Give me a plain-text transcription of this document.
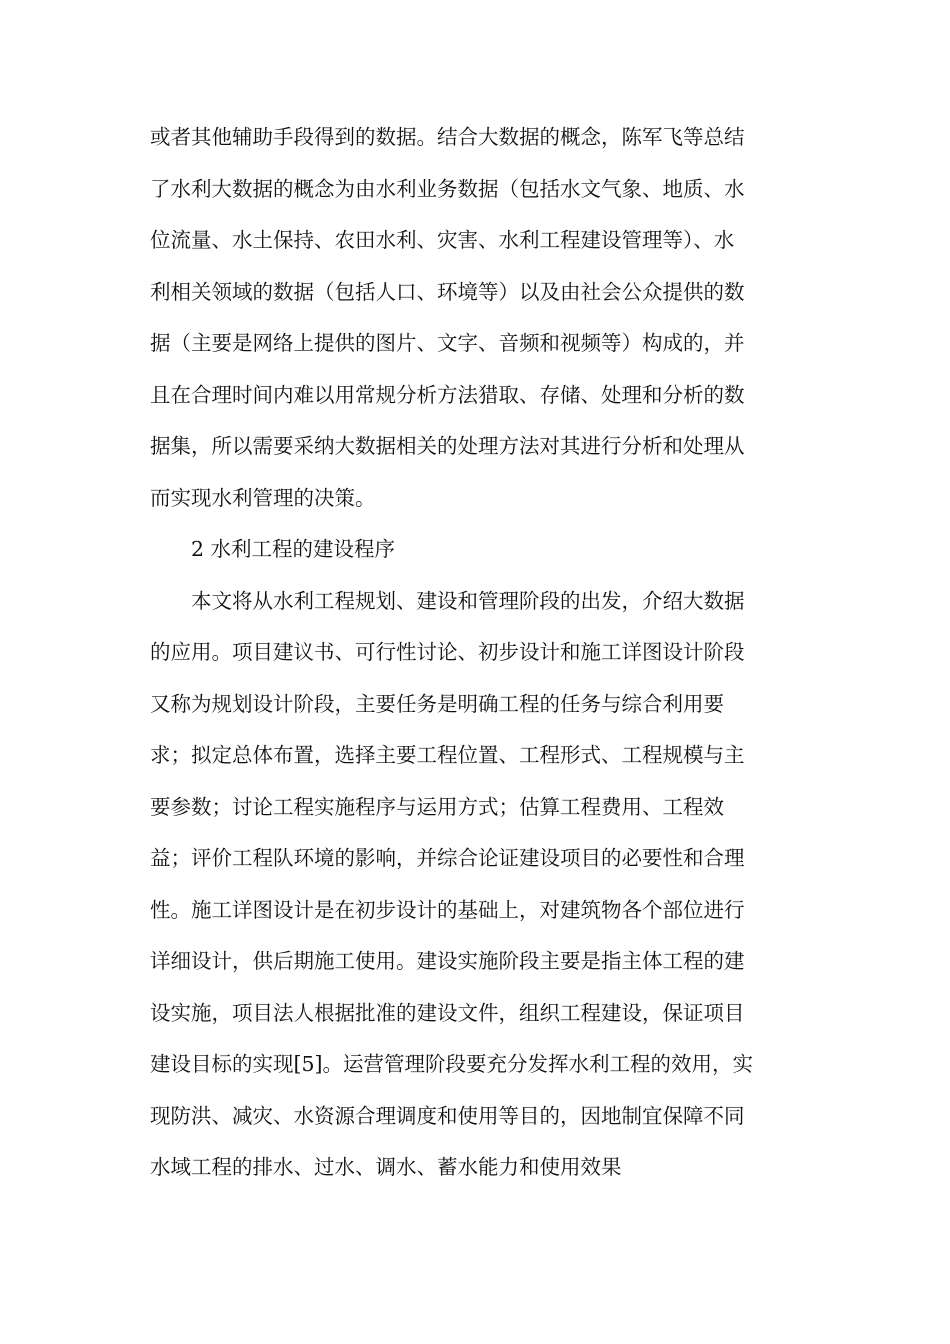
或者其他辅助手段得到的数据。结合大数据的概念，陈军飞等总结
了水利大数据的概念为由水利业务数据（包括水文气象、地质、水
位流量、水土保持、农田水利、灾害、水利工程建设管理等）、水
利相关领域的数据（包括人口、环境等）以及由社会公众提供的数
据（主要是网络上提供的图片、文字、音频和视频等）构成的，并
且在合理时间内难以用常规分析方法猎取、存储、处理和分析的数
据集，所以需要采纳大数据相关的处理方法对其进行分析和处理从
而实现水利管理的决策。
2 水利工程的建设程序
本文将从水利工程规划、建设和管理阶段的出发，介绍大数据
的应用。项目建议书、可行性讨论、初步设计和施工详图设计阶段
又称为规划设计阶段，主要任务是明确工程的任务与综合利用要
求；拟定总体布置，选择主要工程位置、工程形式、工程规模与主
要参数；讨论工程实施程序与运用方式；估算工程费用、工程效
益；评价工程队环境的影响，并综合论证建设项目的必要性和合理
性。施工详图设计是在初步设计的基础上，对建筑物各个部位进行
详细设计，供后期施工使用。建设实施阶段主要是指主体工程的建
设实施，项目法人根据批准的建设文件，组织工程建设，保证项目
建设目标的实现[5]。运营管理阶段要充分发挥水利工程的效用，实
现防洪、减灾、水资源合理调度和使用等目的，因地制宜保障不同
水域工程的排水、过水、调水、蓄水能力和使用效果
